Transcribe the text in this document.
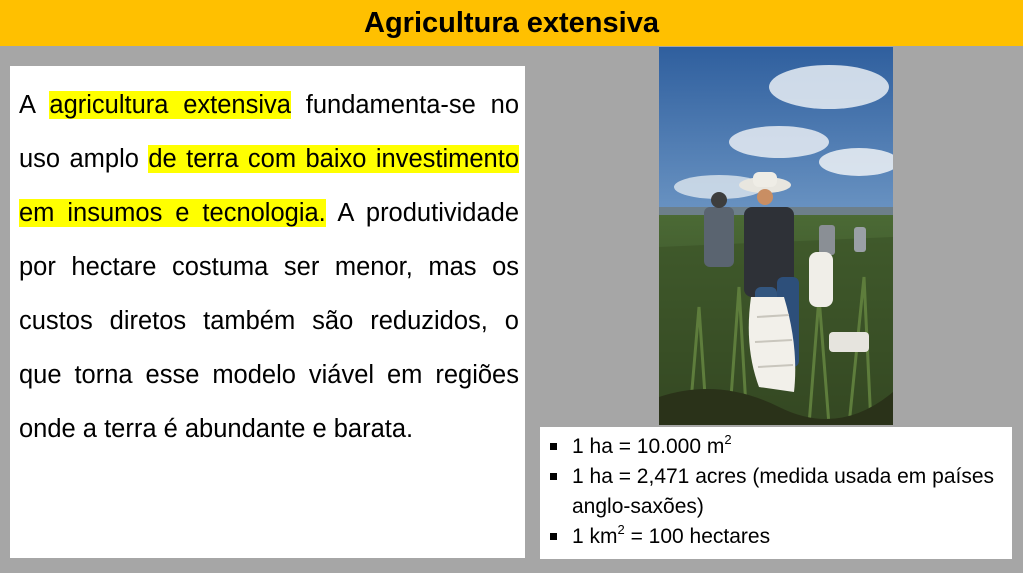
Agricultura extensiva

A agricultura extensiva fundamenta-se no uso amplo de terra com baixo investimento em insumos e tecnologia. A produtividade por hectare costuma ser menor, mas os custos diretos também são reduzidos, o que torna esse modelo viável em regiões onde a terra é abundante e barata.

1 ha = 10.000 $m^2$
1 ha = 2,471 acres (medida usada em países anglo-saxões)
1 $km^2 = 100$ hectares
